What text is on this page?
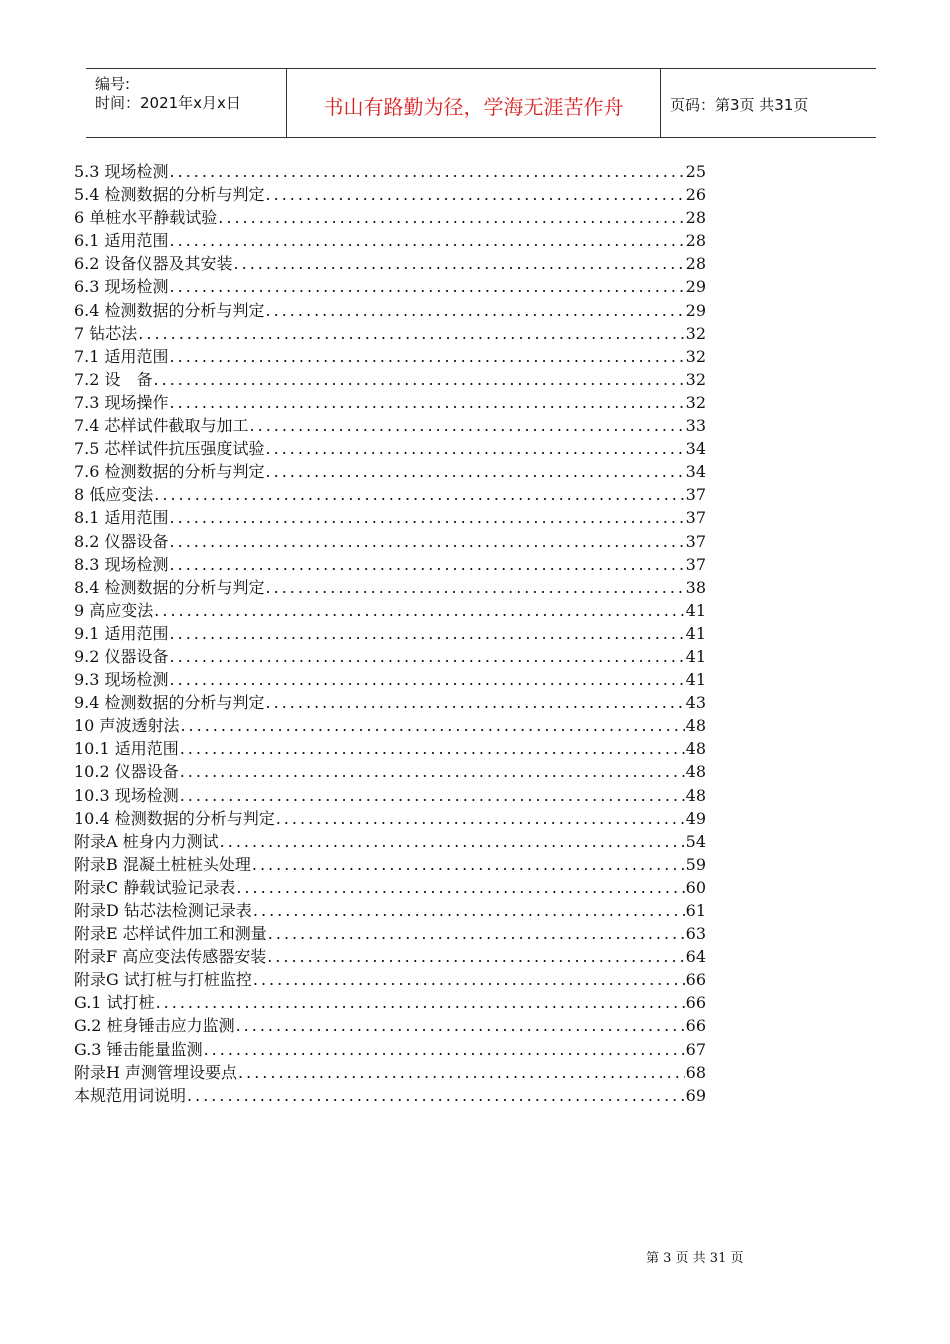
编号:
时间：2021年x月x日	书山有路勤为径，学海无涯苦作舟	页码：第3页 共31页
5.3 现场检测 .....	25
5.4 检测数据的分析与判定 .....	26
6 单桩水平静载试验 .....	28
6.1 适用范围 .....	28
6.2 设备仪器及其安装 .....	28
6.3 现场检测 .....	29
6.4 检测数据的分析与判定 .....	29
7 钻芯法 .....	32
7.1 适用范围 .....	32
7.2 设　备 .....	32
7.3 现场操作 .....	32
7.4 芯样试件截取与加工 .....	33
7.5 芯样试件抗压强度试验 .....	34
7.6 检测数据的分析与判定 .....	34
8 低应变法 .....	37
8.1 适用范围 .....	37
8.2 仪器设备 .....	37
8.3 现场检测 .....	37
8.4 检测数据的分析与判定 .....	38
9 高应变法 .....	41
9.1 适用范围 .....	41
9.2 仪器设备 .....	41
9.3 现场检测 .....	41
9.4 检测数据的分析与判定 .....	43
10 声波透射法 .....	48
10.1 适用范围 .....	48
10.2 仪器设备 .....	48
10.3 现场检测 .....	48
10.4 检测数据的分析与判定 .....	49
附录A 桩身内力测试 .....	54
附录B 混凝土桩桩头处理 .....	59
附录C 静载试验记录表 .....	60
附录D 钻芯法检测记录表 .....	61
附录E 芯样试件加工和测量 .....	63
附录F 高应变法传感器安装 .....	64
附录G 试打桩与打桩监控 .....	66
G.1 试打桩 .....	66
G.2 桩身锤击应力监测 .....	66
G.3 锤击能量监测 .....	67
附录H 声测管埋设要点 .....	68
本规范用词说明 .....	69
第 3 页 共 31 页
